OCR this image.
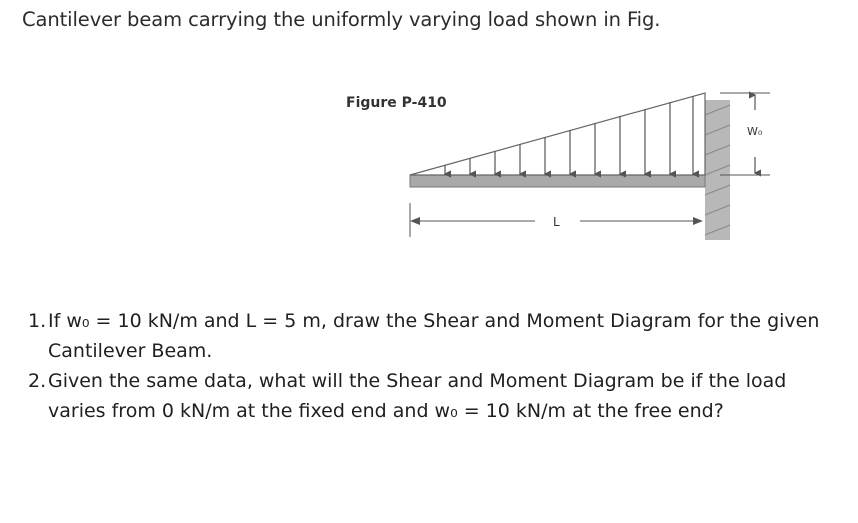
Cantilever beam carrying the uniformly varying load shown in Fig.
Figure P-410
W₀
L
1. If w₀ = 10 kN/m and L = 5 m, draw the Shear and Moment Diagram for the given Cantilever Beam.
2. Given the same data, what will the Shear and Moment Diagram be if the load varies from 0 kN/m at the fixed end and w₀ = 10 kN/m at the free end?
